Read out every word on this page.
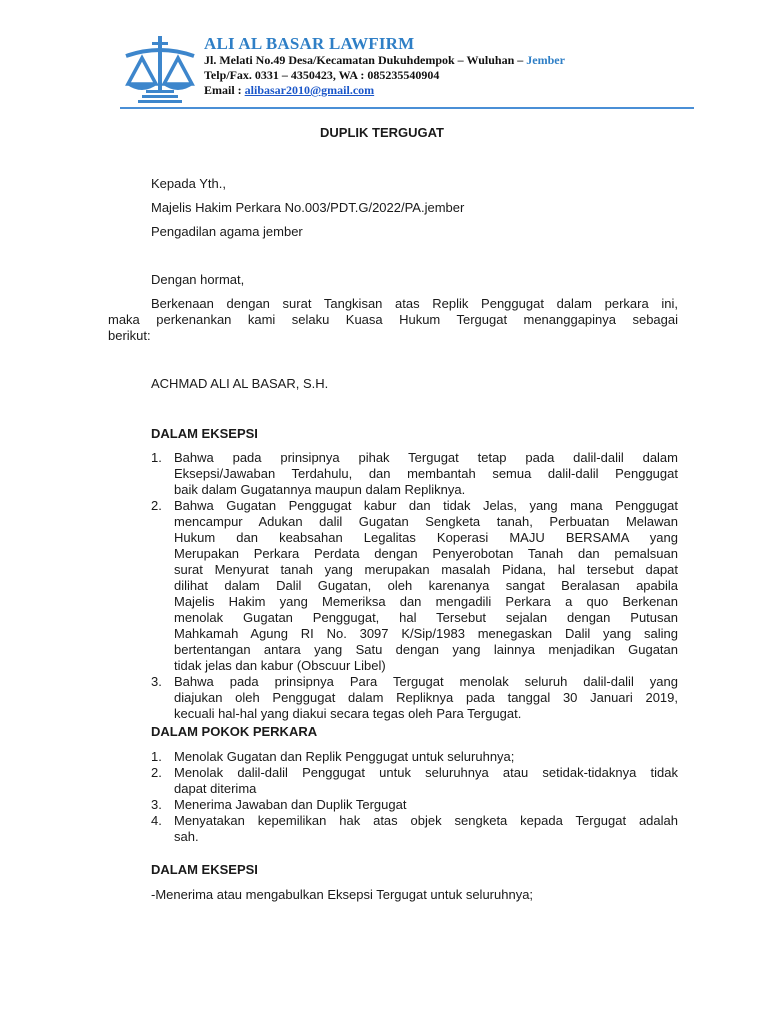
ALI AL BASAR LAWFIRM
Jl. Melati No.49 Desa/Kecamatan Dukuhdempok – Wuluhan – Jember
Telp/Fax. 0331 – 4350423, WA : 085235540904
Email : alibasar2010@gmail.com
DUPLIK TERGUGAT
Kepada Yth.,
Majelis Hakim Perkara No.003/PDT.G/2022/PA.jember
Pengadilan agama jember
Dengan hormat,
Berkenaan dengan surat Tangkisan atas Replik Penggugat dalam perkara ini,
maka perkenankan kami selaku Kuasa Hukum Tergugat menanggapinya sebagai
berikut:
ACHMAD ALI AL BASAR, S.H.
DALAM EKSEPSI
1. Bahwa pada prinsipnya pihak Tergugat tetap pada dalil-dalil dalam
Eksepsi/Jawaban Terdahulu, dan membantah semua dalil-dalil Penggugat
baik dalam Gugatannya maupun dalam Repliknya.
2. Bahwa Gugatan Penggugat kabur dan tidak Jelas, yang mana Penggugat
mencampur Adukan dalil Gugatan Sengketa tanah, Perbuatan Melawan
Hukum dan keabsahan Legalitas Koperasi MAJU BERSAMA yang
Merupakan Perkara Perdata dengan Penyerobotan Tanah dan pemalsuan
surat Menyurat tanah yang merupakan masalah Pidana, hal tersebut dapat
dilihat dalam Dalil Gugatan, oleh karenanya sangat Beralasan apabila
Majelis Hakim yang Memeriksa dan mengadili Perkara a quo Berkenan
menolak Gugatan Penggugat, hal Tersebut sejalan dengan Putusan
Mahkamah Agung RI No. 3097 K/Sip/1983 menegaskan Dalil yang saling
bertentangan antara yang Satu dengan yang lainnya menjadikan Gugatan
tidak jelas dan kabur (Obscuur Libel)
3. Bahwa pada prinsipnya Para Tergugat menolak seluruh dalil-dalil yang
diajukan oleh Penggugat dalam Repliknya pada tanggal 30 Januari 2019,
kecuali hal-hal yang diakui secara tegas oleh Para Tergugat.
DALAM POKOK PERKARA
1. Menolak Gugatan dan Replik Penggugat untuk seluruhnya;
2. Menolak dalil-dalil Penggugat untuk seluruhnya atau setidak-tidaknya tidak
dapat diterima
3. Menerima Jawaban dan Duplik Tergugat
4. Menyatakan kepemilikan hak atas objek sengketa kepada Tergugat adalah
sah.
DALAM EKSEPSI
-Menerima atau mengabulkan Eksepsi Tergugat untuk seluruhnya;
